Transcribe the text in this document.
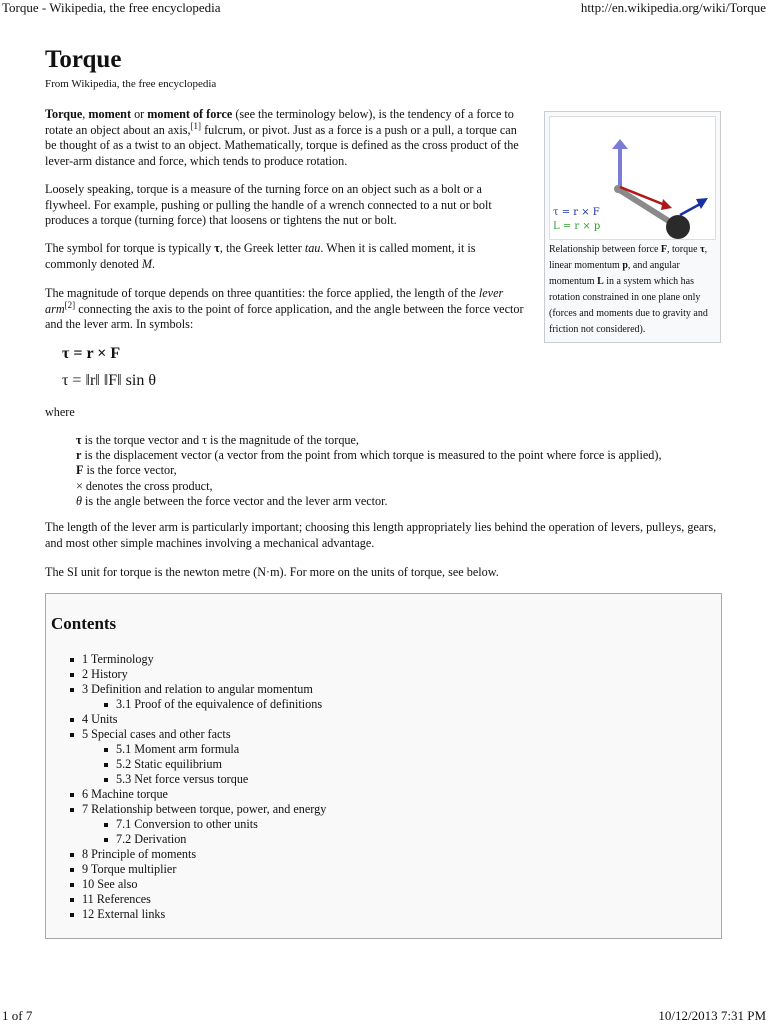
Torque - Wikipedia, the free encyclopedia	http://en.wikipedia.org/wiki/Torque
Torque
From Wikipedia, the free encyclopedia

Torque, moment or moment of force (see the terminology below), is the tendency of a force to rotate an object about an axis,[1] fulcrum, or pivot. Just as a force is a push or a pull, a torque can be thought of as a twist to an object. Mathematically, torque is defined as the cross product of the lever-arm distance and force, which tends to produce rotation.

Loosely speaking, torque is a measure of the turning force on an object such as a bolt or a flywheel. For example, pushing or pulling the handle of a wrench connected to a nut or bolt produces a torque (turning force) that loosens or tightens the nut or bolt.

The symbol for torque is typically τ, the Greek letter tau. When it is called moment, it is commonly denoted M.

The magnitude of torque depends on three quantities: the force applied, the length of the lever arm[2] connecting the axis to the point of force application, and the angle between the force vector and the lever arm. In symbols:

τ = r × F
τ = ‖r‖ ‖F‖ sin θ

where

τ is the torque vector and τ is the magnitude of the torque,
r is the displacement vector (a vector from the point from which torque is measured to the point where force is applied),
F is the force vector,
× denotes the cross product,
θ is the angle between the force vector and the lever arm vector.

The length of the lever arm is particularly important; choosing this length appropriately lies behind the operation of levers, pulleys, gears, and most other simple machines involving a mechanical advantage.

The SI unit for torque is the newton metre (N·m). For more on the units of torque, see below.

τ = r × F
L = r × p
Relationship between force F, torque τ, linear momentum p, and angular momentum L in a system which has rotation constrained in one plane only (forces and moments due to gravity and friction not considered).
Contents
1 Terminology
2 History
3 Definition and relation to angular momentum
3.1 Proof of the equivalence of definitions
4 Units
5 Special cases and other facts
5.1 Moment arm formula
5.2 Static equilibrium
5.3 Net force versus torque
6 Machine torque
7 Relationship between torque, power, and energy
7.1 Conversion to other units
7.2 Derivation
8 Principle of moments
9 Torque multiplier
10 See also
11 References
12 External links
1 of 7	10/12/2013 7:31 PM
